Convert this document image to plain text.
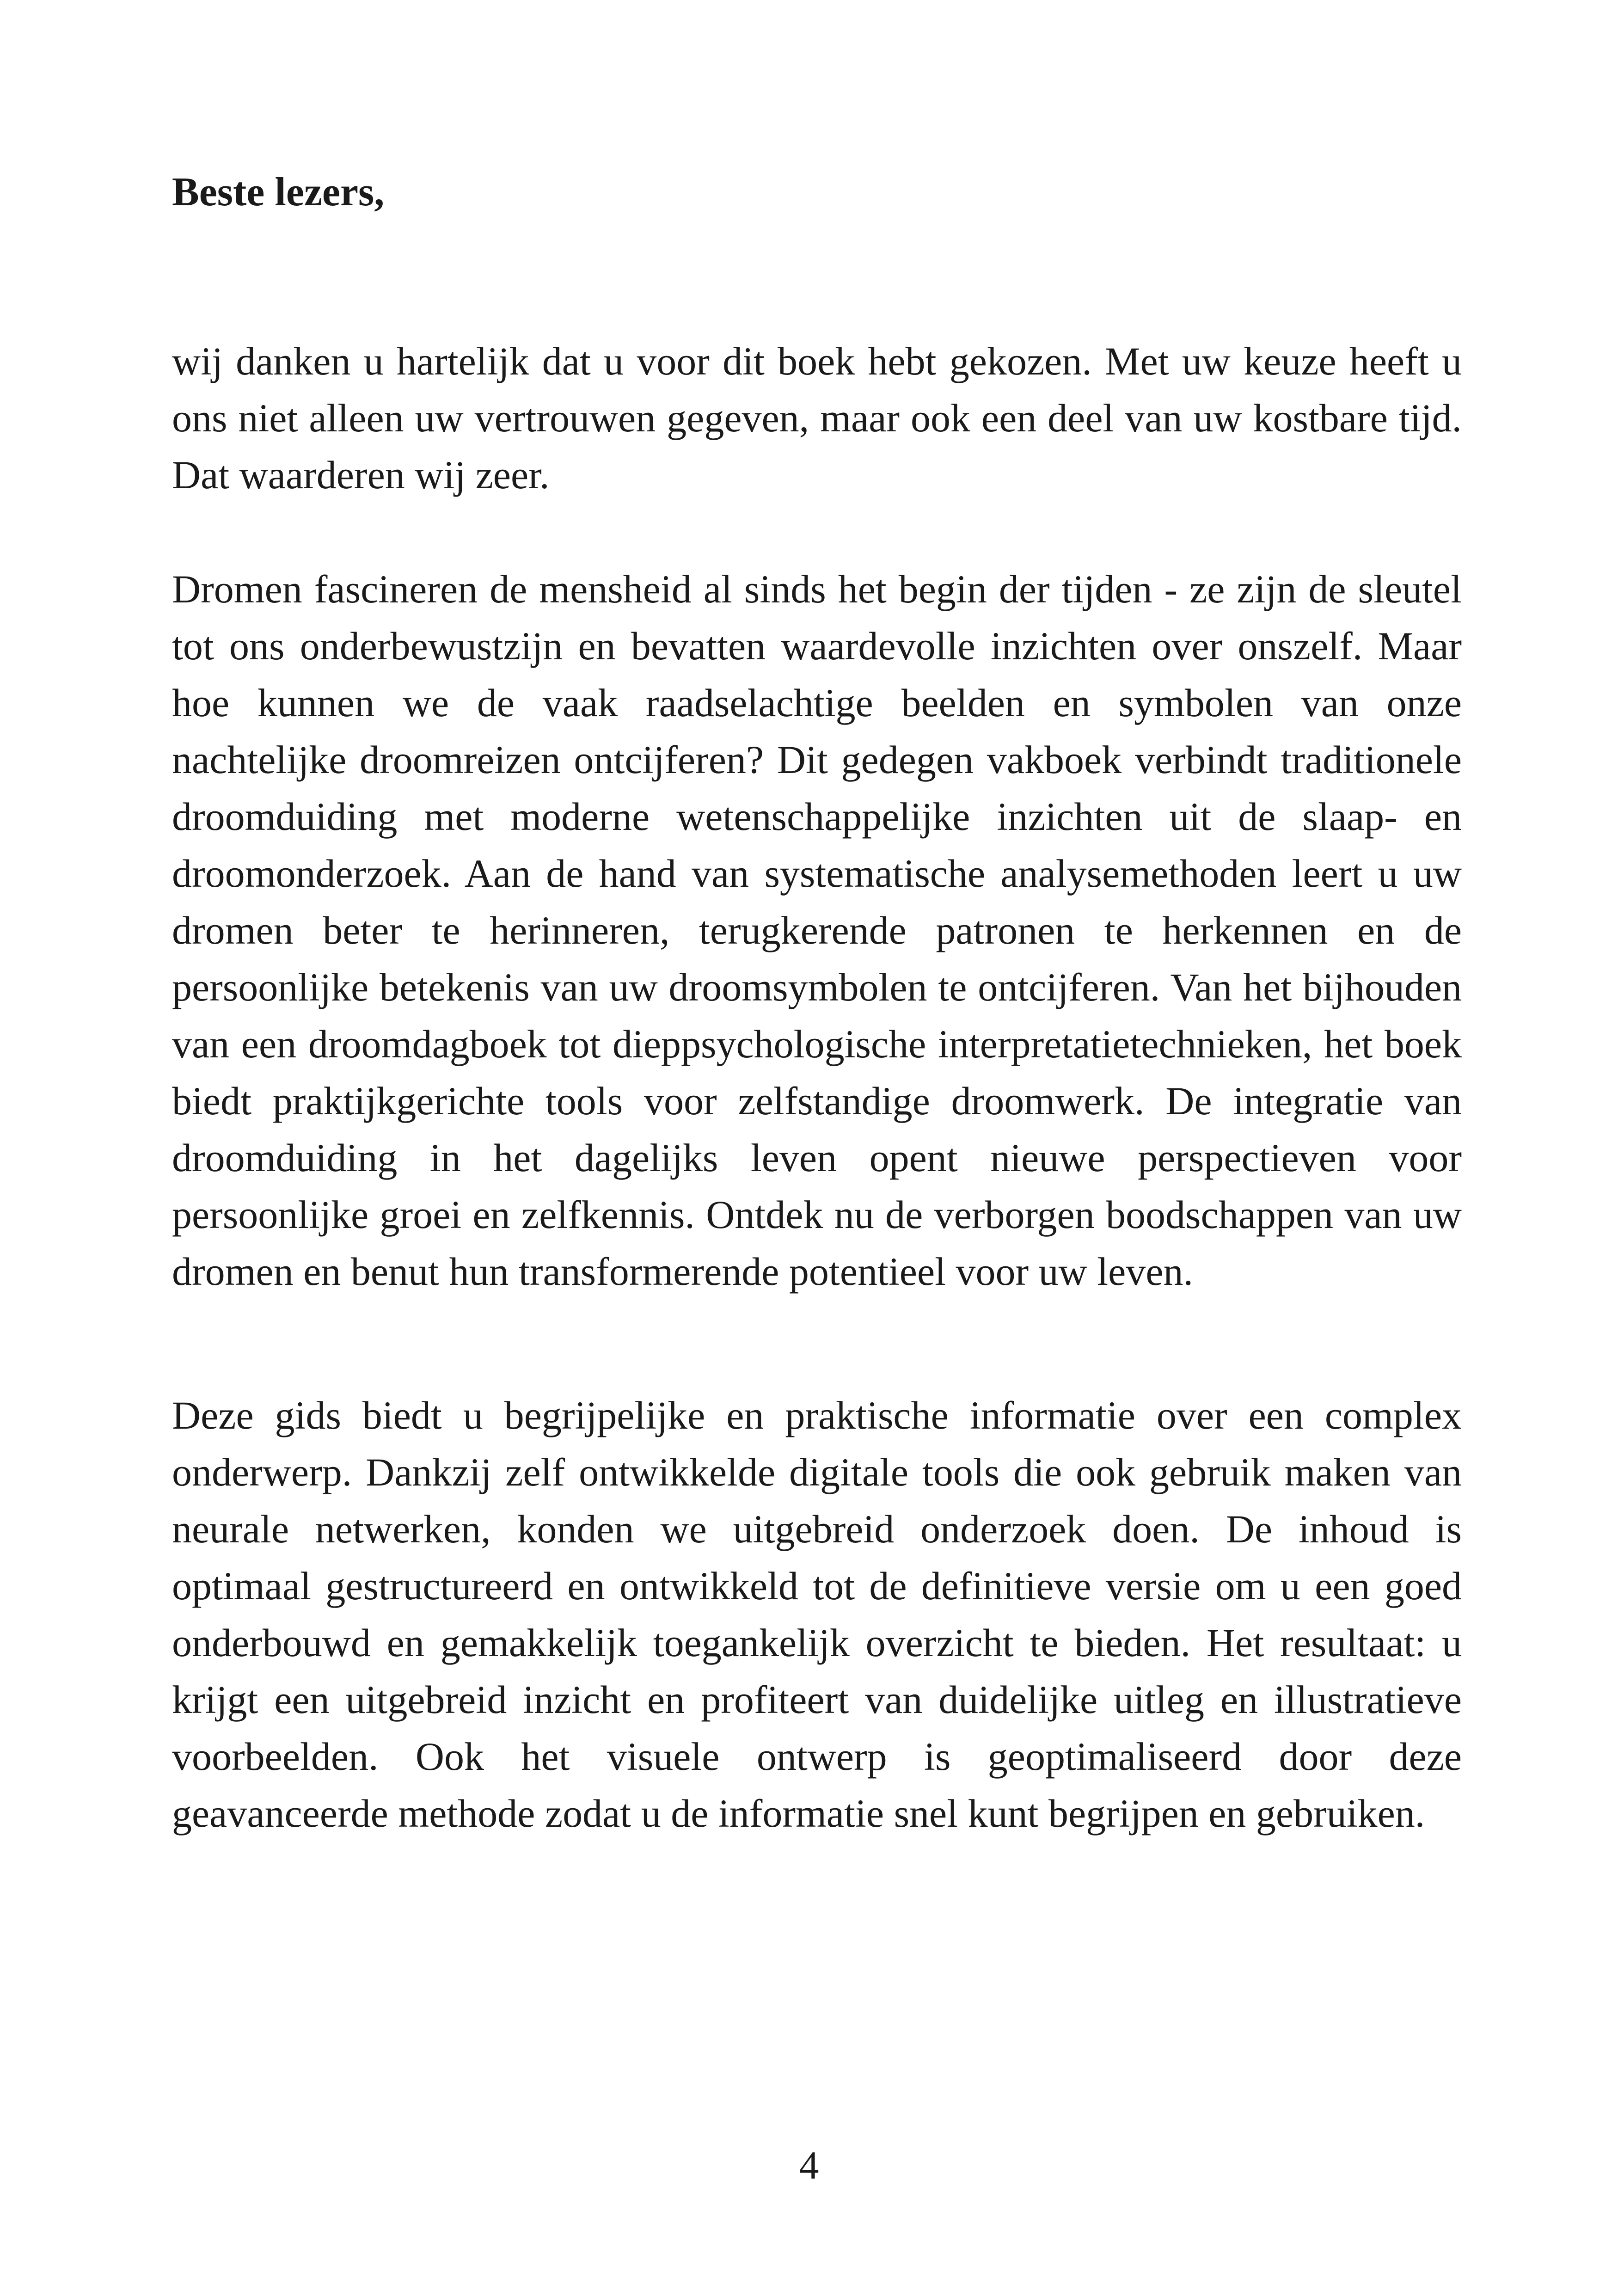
Beste lezers,

wij danken u hartelijk dat u voor dit boek hebt gekozen. Met uw keuze heeft u ons niet alleen uw vertrouwen gegeven, maar ook een deel van uw kostbare tijd. Dat waarderen wij zeer.

Dromen fascineren de mensheid al sinds het begin der tijden - ze zijn de sleutel tot ons onderbewustzijn en bevatten waardevolle inzichten over onszelf. Maar hoe kunnen we de vaak raadselachtige beelden en symbolen van onze nachtelijke droomreizen ontcijferen? Dit gedegen vakboek verbindt traditionele droomduiding met moderne wetenschappelijke inzichten uit de slaap- en droomonderzoek. Aan de hand van systematische analysemethoden leert u uw dromen beter te herinneren, terugkerende patronen te herkennen en de persoonlijke betekenis van uw droomsymbolen te ontcijferen. Van het bijhouden van een droomdagboek tot dieppsychologische interpretatietechnieken, het boek biedt praktijkgerichte tools voor zelfstandige droomwerk. De integratie van droomduiding in het dagelijks leven opent nieuwe perspectieven voor persoonlijke groei en zelfkennis. Ontdek nu de verborgen boodschappen van uw dromen en benut hun transformerende potentieel voor uw leven.

Deze gids biedt u begrijpelijke en praktische informatie over een complex onderwerp. Dankzij zelf ontwikkelde digitale tools die ook gebruik maken van neurale netwerken, konden we uitgebreid onderzoek doen. De inhoud is optimaal gestructureerd en ontwikkeld tot de definitieve versie om u een goed onderbouwd en gemakkelijk toegankelijk overzicht te bieden. Het resultaat: u krijgt een uitgebreid inzicht en profiteert van duidelijke uitleg en illustratieve voorbeelden. Ook het visuele ontwerp is geoptimaliseerd door deze geavanceerde methode zodat u de informatie snel kunt begrijpen en gebruiken.

4
